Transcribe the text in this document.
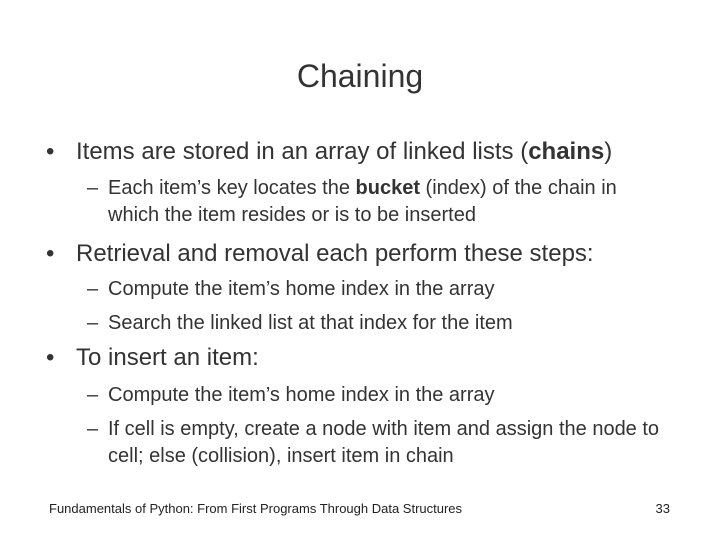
Chaining
• Items are stored in an array of linked lists (chains)
– Each item’s key locates the bucket (index) of the chain in which the item resides or is to be inserted
• Retrieval and removal each perform these steps:
– Compute the item’s home index in the array
– Search the linked list at that index for the item
• To insert an item:
– Compute the item’s home index in the array
– If cell is empty, create a node with item and assign the node to cell; else (collision), insert item in chain
Fundamentals of Python: From First Programs Through Data Structures	33
